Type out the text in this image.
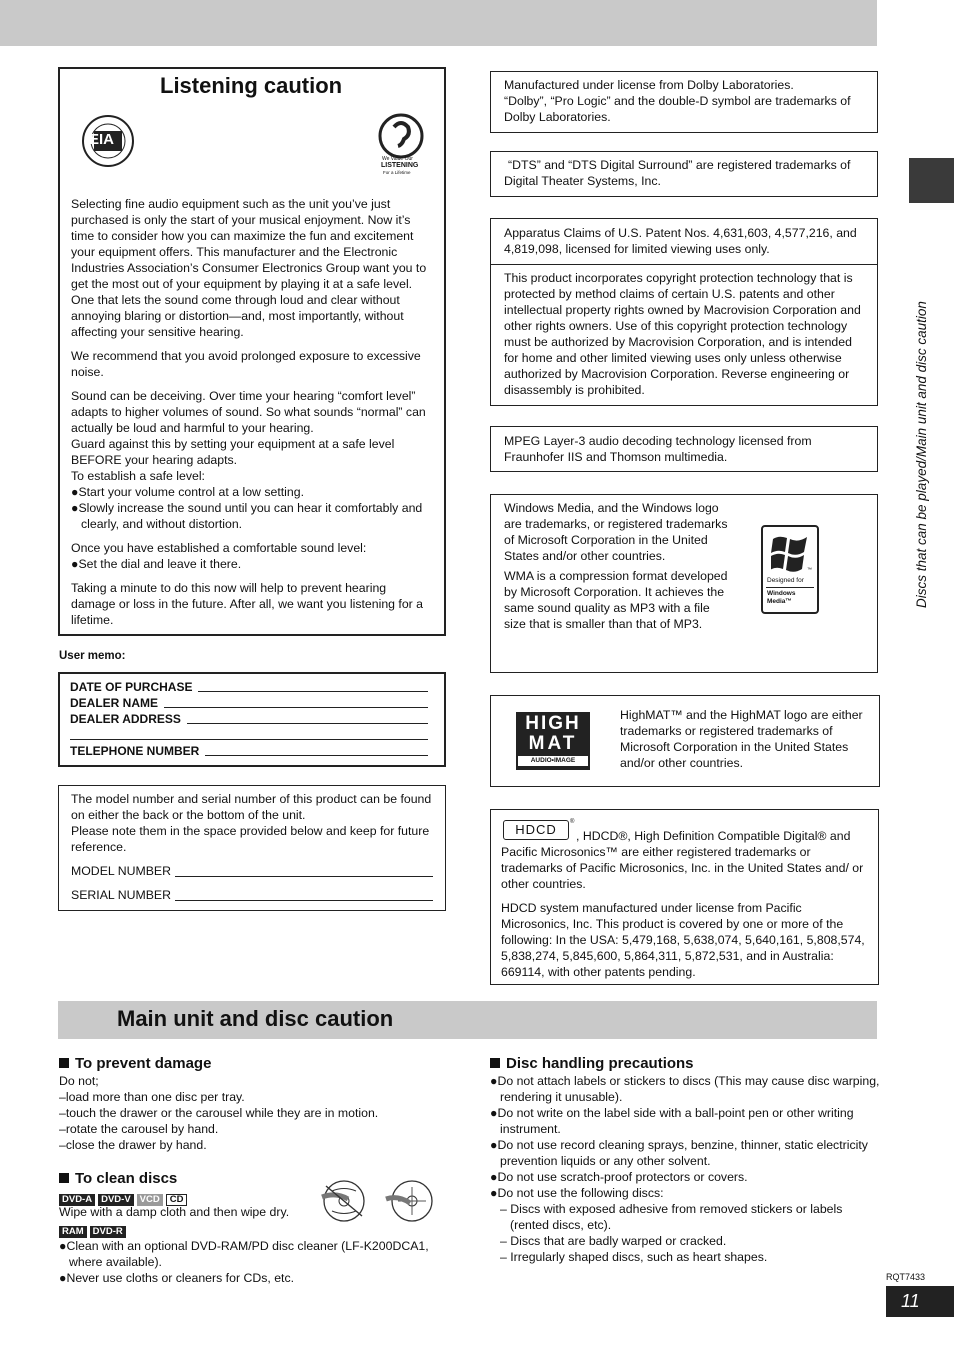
Listening caution
EIA
We Value Our
LISTENING
For a Lifetime

Selecting fine audio equipment such as the unit you’ve just purchased is only the start of your musical enjoyment. Now it’s time to consider how you can maximize the fun and excitement your equipment offers. This manufacturer and the Electronic Industries Association’s Consumer Electronics Group want you to get the most out of your equipment by playing it at a safe level. One that lets the sound come through loud and clear without annoying blaring or distortion—and, most importantly, without affecting your sensitive hearing.

We recommend that you avoid prolonged exposure to excessive noise.

Sound can be deceiving. Over time your hearing “comfort level” adapts to higher volumes of sound. So what sounds “normal” can actually be loud and harmful to your hearing.

Guard against this by setting your equipment at a safe level BEFORE your hearing adapts.

To establish a safe level:

●Start your volume control at a low setting.

●Slowly increase the sound until you can hear it comfortably and clearly, and without distortion.

Once you have established a comfortable sound level:

●Set the dial and leave it there.

Taking a minute to do this now will help to prevent hearing damage or loss in the future. After all, we want you listening for a lifetime.

User memo:
DATE OF PURCHASE
DEALER NAME
DEALER ADDRESS
TELEPHONE NUMBER

The model number and serial number of this product can be found on either the back or the bottom of the unit.

Please note them in the space provided below and keep for future reference.

MODEL NUMBER
SERIAL NUMBER

Manufactured under license from Dolby Laboratories.

“Dolby”, “Pro Logic” and the double-D symbol are trademarks of Dolby Laboratories.

“DTS” and “DTS Digital Surround” are registered trademarks of Digital Theater Systems, Inc.

Apparatus Claims of U.S. Patent Nos. 4,631,603, 4,577,216, and 4,819,098, licensed for limited viewing uses only.

This product incorporates copyright protection technology that is protected by method claims of certain U.S. patents and other intellectual property rights owned by Macrovision Corporation and other rights owners. Use of this copyright protection technology must be authorized by Macrovision Corporation, and is intended for home and other limited viewing uses only unless otherwise authorized by Macrovision Corporation. Reverse engineering or disassembly is prohibited.

MPEG Layer-3 audio decoding technology licensed from Fraunhofer IIS and Thomson multimedia.

Windows Media, and the Windows logo are trademarks, or registered trademarks of Microsoft Corporation in the United States and/or other countries.

WMA is a compression format developed by Microsoft Corporation. It achieves the same sound quality as MP3 with a file size that is smaller than that of MP3.

™
Designed for
Windows Media™
HIGH
MAT
AUDIO•IMAGE

HighMAT™ and the HighMAT logo are either trademarks or registered trademarks of Microsoft Corporation in the United States and/or other countries.

HDCD	®

, HDCD®, High Definition Compatible Digital® and Pacific Microsonics™ are either registered trademarks or trademarks of Pacific Microsonics, Inc. in the United States and/ or other countries.

HDCD system manufactured under license from Pacific Microsonics, Inc. This product is covered by one or more of the following: In the USA: 5,479,168, 5,638,074, 5,640,161, 5,808,574, 5,838,274, 5,845,600, 5,864,311, 5,872,531, and in Australia: 669114, with other patents pending.

Discs that can be played/Main unit and disc caution
Main unit and disc caution
To prevent damage
Do not;
–load more than one disc per tray.
–touch the drawer or the carousel while they are in motion.
–rotate the carousel by hand.
–close the drawer by hand.
To clean discs
DVD-A DVD-V VCD CD
Wipe with a damp cloth and then wipe dry.
RAM DVD-R
●Clean with an optional DVD-RAM/PD disc cleaner (LF-K200DCA1, where available).
●Never use cloths or cleaners for CDs, etc.
Disc handling precautions
●Do not attach labels or stickers to discs (This may cause disc warping, rendering it unusable).
●Do not write on the label side with a ball-point pen or other writing instrument.
●Do not use record cleaning sprays, benzine, thinner, static electricity prevention liquids or any other solvent.
●Do not use scratch-proof protectors or covers.
●Do not use the following discs:
– Discs with exposed adhesive from removed stickers or labels (rented discs, etc).
– Discs that are badly warped or cracked.
– Irregularly shaped discs, such as heart shapes.
RQT7433
11
